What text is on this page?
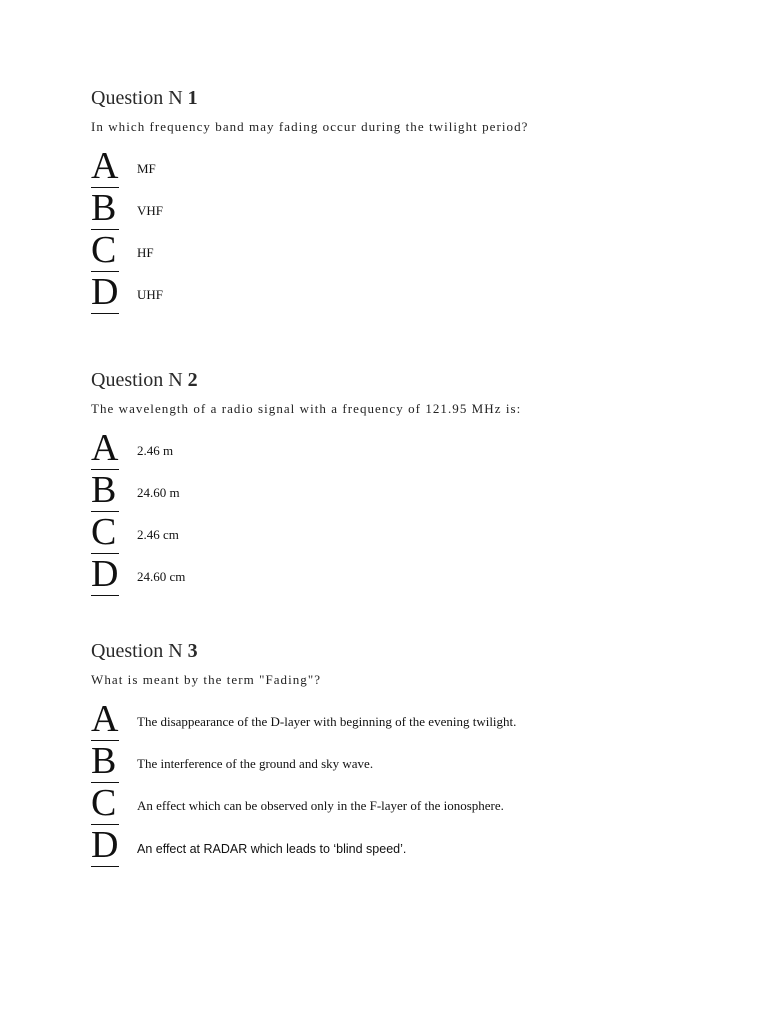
Question N 1
In which frequency band may fading occur during the twilight period?
A MF
B VHF
C HF
D UHF
Question N 2
The wavelength of a radio signal with a frequency of 121.95 MHz is:
A 2.46 m
B 24.60 m
C 2.46 cm
D 24.60 cm
Question N 3
What is meant by the term "Fading"?
A The disappearance of the D-layer with beginning of the evening twilight.
B The interference of the ground and sky wave.
C An effect which can be observed only in the F-layer of the ionosphere.
D An effect at RADAR which leads to ‘blind speed’.
